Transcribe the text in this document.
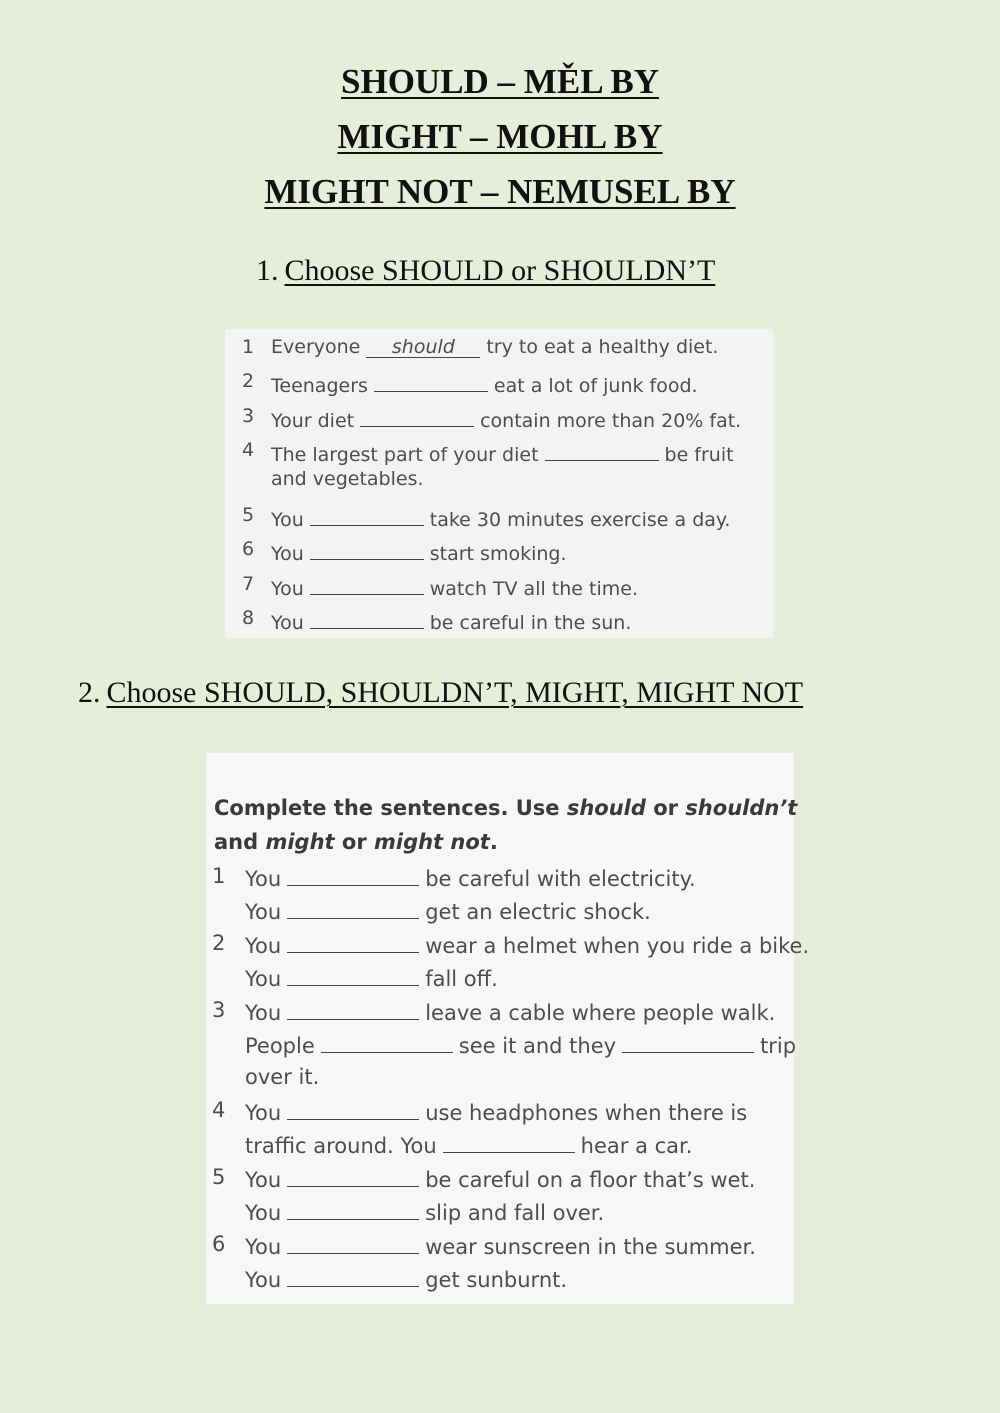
SHOULD – MĚL BY
MIGHT – MOHL BY
MIGHT NOT – NEMUSEL BY
1. Choose SHOULD or SHOULDN’T
1 Everyone should try to eat a healthy diet.
2 Teenagers	eat a lot of junk food.
3 Your diet	contain more than 20% fat.
4 The largest part of your diet	be fruit
and vegetables.
5 You	take 30 minutes exercise a day.
6 You	start smoking.
7 You	watch TV all the time.
8 You	be careful in the sun.
2. Choose SHOULD, SHOULDN’T, MIGHT, MIGHT NOT
Complete the sentences. Use should or shouldn’t
and might or might not.
1 You	be careful with electricity.
You	get an electric shock.
2 You	wear a helmet when you ride a bike.
You	fall off.
3 You	leave a cable where people walk.
People	see it and they	trip
over it.
4 You	use headphones when there is
traffic around. You	hear a car.
5 You	be careful on a floor that’s wet.
You	slip and fall over.
6 You	wear sunscreen in the summer.
You	get sunburnt.
